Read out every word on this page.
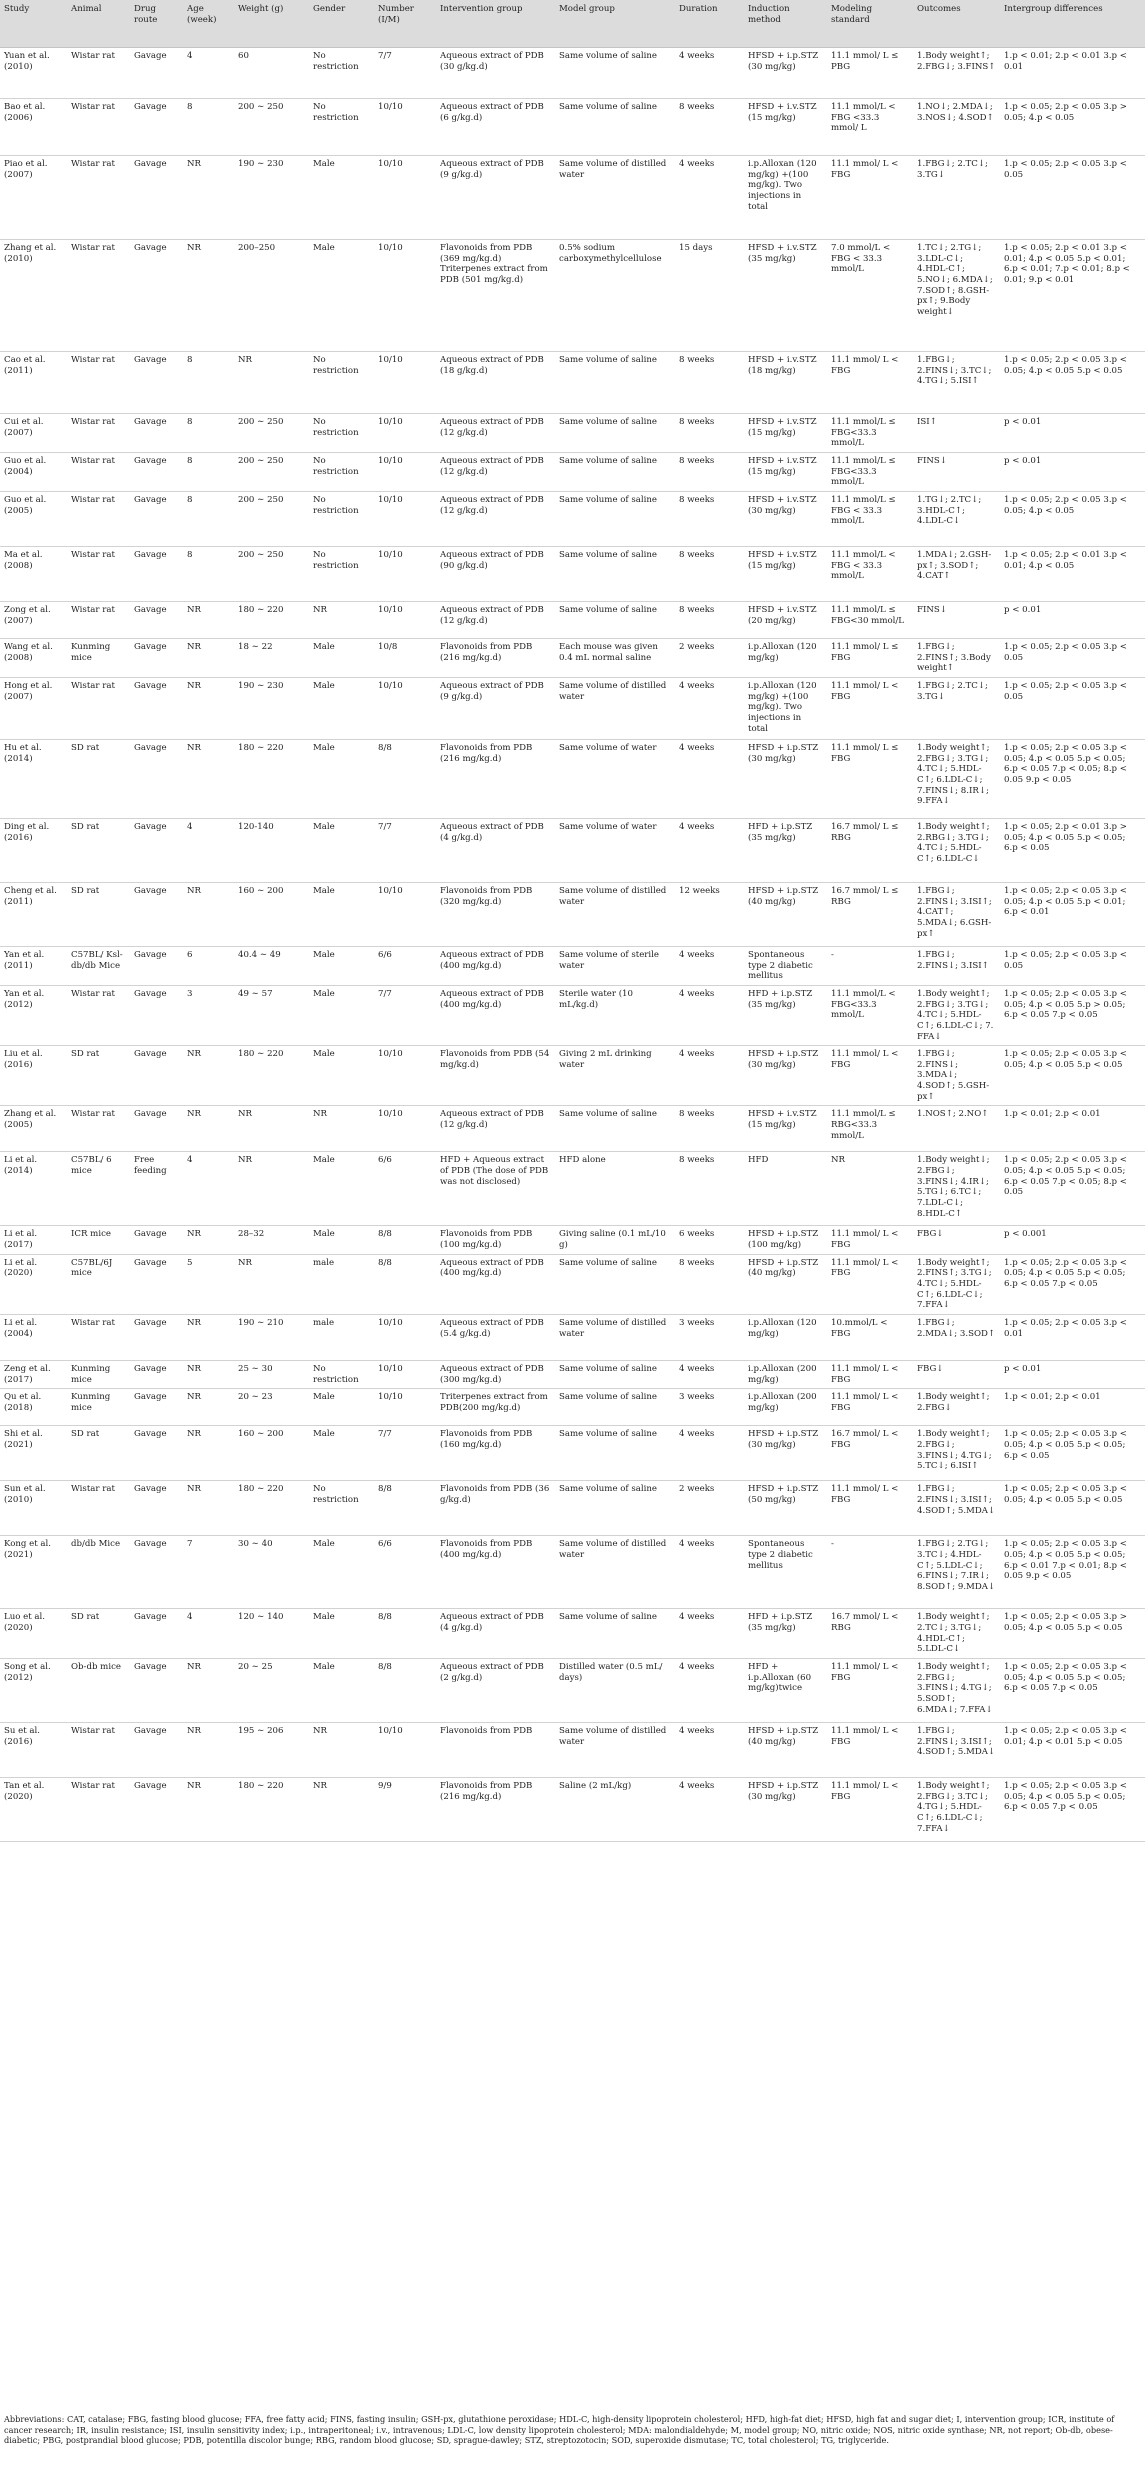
Study	Animal	Drug route	Age (week)	Weight (g)	Gender	Number (I/M)	Intervention group	Model group	Duration	Induction method	Modeling standard	Outcomes	Intergroup differences
Yuan et al. (2010)	Wistar rat	Gavage	4	60	No restriction	7/7	Aqueous extract of PDB (30 g/kg.d)	Same volume of saline	4 weeks	HFSD + i.p.STZ (30 mg/kg)	11.1 mmol/ L ≤ PBG	1.Body weight↑; 2.FBG↓; 3.FINS↑	1.p < 0.01; 2.p < 0.01 3.p < 0.01
Bao et al. (2006)	Wistar rat	Gavage	8	200 ∼ 250	No restriction	10/10	Aqueous extract of PDB (6 g/kg.d)	Same volume of saline	8 weeks	HFSD + i.v.STZ (15 mg/kg)	11.1 mmol/L < FBG <33.3 mmol/ L	1.NO↓; 2.MDA↓; 3.NOS↓; 4.SOD↑	1.p < 0.05; 2.p < 0.05 3.p > 0.05; 4.p < 0.05
Piao et al. (2007)	Wistar rat	Gavage	NR	190 ∼ 230	Male	10/10	Aqueous extract of PDB (9 g/kg.d)	Same volume of distilled water	4 weeks	i.p.Alloxan (120 mg/kg) +(100 mg/kg). Two injections in total	11.1 mmol/ L < FBG	1.FBG↓; 2.TC↓; 3.TG↓	1.p < 0.05; 2.p < 0.05 3.p < 0.05
Zhang et al. (2010)	Wistar rat	Gavage	NR	200–250	Male	10/10	Flavonoids from PDB (369 mg/kg.d) Triterpenes extract from PDB (501 mg/kg.d)	0.5% sodium carboxymethylcellulose	15 days	HFSD + i.v.STZ (35 mg/kg)	7.0 mmol/L < FBG < 33.3 mmol/L	1.TC↓; 2.TG↓; 3.LDL-C↓; 4.HDL-C↑; 5.NO↓; 6.MDA↓; 7.SOD↑; 8.GSH-px↑; 9.Body weight↓	1.p < 0.05; 2.p < 0.01 3.p < 0.01; 4.p < 0.05 5.p < 0.01; 6.p < 0.01; 7.p < 0.01; 8.p < 0.01; 9.p < 0.01
Cao et al. (2011)	Wistar rat	Gavage	8	NR	No restriction	10/10	Aqueous extract of PDB (18 g/kg.d)	Same volume of saline	8 weeks	HFSD + i.v.STZ (18 mg/kg)	11.1 mmol/ L < FBG	1.FBG↓; 2.FINS↓; 3.TC↓; 4.TG↓; 5.ISI↑	1.p < 0.05; 2.p < 0.05 3.p < 0.05; 4.p < 0.05 5.p < 0.05
Cui et al. (2007)	Wistar rat	Gavage	8	200 ∼ 250	No restriction	10/10	Aqueous extract of PDB (12 g/kg.d)	Same volume of saline	8 weeks	HFSD + i.v.STZ (15 mg/kg)	11.1 mmol/L ≤ FBG<33.3 mmol/L	ISI↑	p < 0.01
Guo et al. (2004)	Wistar rat	Gavage	8	200 ∼ 250	No restriction	10/10	Aqueous extract of PDB (12 g/kg.d)	Same volume of saline	8 weeks	HFSD + i.v.STZ (15 mg/kg)	11.1 mmol/L ≤ FBG<33.3 mmol/L	FINS↓	p < 0.01
Guo et al. (2005)	Wistar rat	Gavage	8	200 ∼ 250	No restriction	10/10	Aqueous extract of PDB (12 g/kg.d)	Same volume of saline	8 weeks	HFSD + i.v.STZ (30 mg/kg)	11.1 mmol/L ≤ FBG < 33.3 mmol/L	1.TG↓; 2.TC↓; 3.HDL-C↑; 4.LDL-C↓	1.p < 0.05; 2.p < 0.05 3.p < 0.05; 4.p < 0.05
Ma et al. (2008)	Wistar rat	Gavage	8	200 ∼ 250	No restriction	10/10	Aqueous extract of PDB (90 g/kg.d)	Same volume of saline	8 weeks	HFSD + i.v.STZ (15 mg/kg)	11.1 mmol/L < FBG < 33.3 mmol/L	1.MDA↓; 2.GSH-px↑; 3.SOD↑; 4.CAT↑	1.p < 0.05; 2.p < 0.01 3.p < 0.01; 4.p < 0.05
Zong et al. (2007)	Wistar rat	Gavage	NR	180 ∼ 220	NR	10/10	Aqueous extract of PDB (12 g/kg.d)	Same volume of saline	8 weeks	HFSD + i.v.STZ (20 mg/kg)	11.1 mmol/L ≤ FBG<30 mmol/L	FINS↓	p < 0.01
Wang et al. (2008)	Kunming mice	Gavage	NR	18 ∼ 22	Male	10/8	Flavonoids from PDB (216 mg/kg.d)	Each mouse was given 0.4 mL normal saline	2 weeks	i.p.Alloxan (120 mg/kg)	11.1 mmol/ L ≤ FBG	1.FBG↓; 2.FINS↑; 3.Body weight↑	1.p < 0.05; 2.p < 0.05 3.p < 0.05
Hong et al. (2007)	Wistar rat	Gavage	NR	190 ∼ 230	Male	10/10	Aqueous extract of PDB (9 g/kg.d)	Same volume of distilled water	4 weeks	i.p.Alloxan (120 mg/kg) +(100 mg/kg). Two injections in total	11.1 mmol/ L < FBG	1.FBG↓; 2.TC↓; 3.TG↓	1.p < 0.05; 2.p < 0.05 3.p < 0.05
Hu et al. (2014)	SD rat	Gavage	NR	180 ∼ 220	Male	8/8	Flavonoids from PDB (216 mg/kg.d)	Same volume of water	4 weeks	HFSD + i.p.STZ (30 mg/kg)	11.1 mmol/ L ≤ FBG	1.Body weight↑; 2.FBG↓; 3.TG↓; 4.TC↓; 5.HDL-C↑; 6.LDL-C↓; 7.FINS↓; 8.IR↓; 9.FFA↓	1.p < 0.05; 2.p < 0.05 3.p < 0.05; 4.p < 0.05 5.p < 0.05; 6.p < 0.05 7.p < 0.05; 8.p < 0.05 9.p < 0.05
Ding et al. (2016)	SD rat	Gavage	4	120-140	Male	7/7	Aqueous extract of PDB (4 g/kg.d)	Same volume of water	4 weeks	HFD + i.p.STZ (35 mg/kg)	16.7 mmol/ L ≤ RBG	1.Body weight↑; 2.RBG↓; 3.TG↓; 4.TC↓; 5.HDL-C↑; 6.LDL-C↓	1.p < 0.05; 2.p < 0.01 3.p > 0.05; 4.p < 0.05 5.p < 0.05; 6.p < 0.05
Cheng et al. (2011)	SD rat	Gavage	NR	160 ∼ 200	Male	10/10	Flavonoids from PDB (320 mg/kg.d)	Same volume of distilled water	12 weeks	HFSD + i.p.STZ (40 mg/kg)	16.7 mmol/ L ≤ RBG	1.FBG↓; 2.FINS↓; 3.ISI↑; 4.CAT↑; 5.MDA↓; 6.GSH-px↑	1.p < 0.05; 2.p < 0.05 3.p < 0.05; 4.p < 0.05 5.p < 0.01; 6.p < 0.01
Yan et al. (2011)	C57BL/ Ksl-db/db Mice	Gavage	6	40.4 ∼ 49	Male	6/6	Aqueous extract of PDB (400 mg/kg.d)	Same volume of sterile water	4 weeks	Spontaneous type 2 diabetic mellitus	-	1.FBG↓; 2.FINS↓; 3.ISI↑	1.p < 0.05; 2.p < 0.05 3.p < 0.05
Yan et al. (2012)	Wistar rat	Gavage	3	49 ∼ 57	Male	7/7	Aqueous extract of PDB (400 mg/kg.d)	Sterile water (10 mL/kg.d)	4 weeks	HFD + i.p.STZ (35 mg/kg)	11.1 mmol/L < FBG<33.3 mmol/L	1.Body weight↑; 2.FBG↓; 3.TG↓; 4.TC↓; 5.HDL-C↑; 6.LDL-C↓; 7. FFA↓	1.p < 0.05; 2.p < 0.05 3.p < 0.05; 4.p < 0.05 5.p > 0.05; 6.p < 0.05 7.p < 0.05
Liu et al. (2016)	SD rat	Gavage	NR	180 ∼ 220	Male	10/10	Flavonoids from PDB (54 mg/kg.d)	Giving 2 mL drinking water	4 weeks	HFSD + i.p.STZ (30 mg/kg)	11.1 mmol/ L < FBG	1.FBG↓; 2.FINS↓; 3.MDA↓; 4.SOD↑; 5.GSH-px↑	1.p < 0.05; 2.p < 0.05 3.p < 0.05; 4.p < 0.05 5.p < 0.05
Zhang et al. (2005)	Wistar rat	Gavage	NR	NR	NR	10/10	Aqueous extract of PDB (12 g/kg.d)	Same volume of saline	8 weeks	HFSD + i.v.STZ (15 mg/kg)	11.1 mmol/L ≤ RBG<33.3 mmol/L	1.NOS↑; 2.NO↑	1.p < 0.01; 2.p < 0.01
Li et al. (2014)	C57BL/ 6 mice	Free feeding	4	NR	Male	6/6	HFD + Aqueous extract of PDB (The dose of PDB was not disclosed)	HFD alone	8 weeks	HFD	NR	1.Body weight↓; 2.FBG↓; 3.FINS↓; 4.IR↓; 5.TG↓; 6.TC↓; 7.LDL-C↓; 8.HDL-C↑	1.p < 0.05; 2.p < 0.05 3.p < 0.05; 4.p < 0.05 5.p < 0.05; 6.p < 0.05 7.p < 0.05; 8.p < 0.05
Li et al. (2017)	ICR mice	Gavage	NR	28–32	Male	8/8	Flavonoids from PDB (100 mg/kg.d)	Giving saline (0.1 mL/10 g)	6 weeks	HFSD + i.p.STZ (100 mg/kg)	11.1 mmol/ L < FBG	FBG↓	p < 0.001
Li et al. (2020)	C57BL/6J mice	Gavage	5	NR	male	8/8	Aqueous extract of PDB (400 mg/kg.d)	Same volume of saline	8 weeks	HFSD + i.p.STZ (40 mg/kg)	11.1 mmol/ L < FBG	1.Body weight↑; 2.FINS↑; 3.TG↓; 4.TC↓; 5.HDL-C↑; 6.LDL-C↓; 7.FFA↓	1.p < 0.05; 2.p < 0.05 3.p < 0.05; 4.p < 0.05 5.p < 0.05; 6.p < 0.05 7.p < 0.05
Li et al. (2004)	Wistar rat	Gavage	NR	190 ∼ 210	male	10/10	Aqueous extract of PDB (5.4 g/kg.d)	Same volume of distilled water	3 weeks	i.p.Alloxan (120 mg/kg)	10.mmol/L < FBG	1.FBG↓; 2.MDA↓; 3.SOD↑	1.p < 0.05; 2.p < 0.05 3.p < 0.01
Zeng et al. (2017)	Kunming mice	Gavage	NR	25 ∼ 30	No restriction	10/10	Aqueous extract of PDB (300 mg/kg.d)	Same volume of saline	4 weeks	i.p.Alloxan (200 mg/kg)	11.1 mmol/ L < FBG	FBG↓	p < 0.01
Qu et al. (2018)	Kunming mice	Gavage	NR	20 ∼ 23	Male	10/10	Triterpenes extract from PDB(200 mg/kg.d)	Same volume of saline	3 weeks	i.p.Alloxan (200 mg/kg)	11.1 mmol/ L < FBG	1.Body weight↑; 2.FBG↓	1.p < 0.01; 2.p < 0.01
Shi et al. (2021)	SD rat	Gavage	NR	160 ∼ 200	Male	7/7	Flavonoids from PDB (160 mg/kg.d)	Same volume of saline	4 weeks	HFSD + i.p.STZ (30 mg/kg)	16.7 mmol/ L < FBG	1.Body weight↑; 2.FBG↓; 3.FINS↓; 4.TG↓; 5.TC↓; 6.ISI↑	1.p < 0.05; 2.p < 0.05 3.p < 0.05; 4.p < 0.05 5.p < 0.05; 6.p < 0.05
Sun et al. (2010)	Wistar rat	Gavage	NR	180 ∼ 220	No restriction	8/8	Flavonoids from PDB (36 g/kg.d)	Same volume of saline	2 weeks	HFSD + i.p.STZ (50 mg/kg)	11.1 mmol/ L < FBG	1.FBG↓; 2.FINS↓; 3.ISI↑; 4.SOD↑; 5.MDA↓	1.p < 0.05; 2.p < 0.05 3.p < 0.05; 4.p < 0.05 5.p < 0.05
Kong et al. (2021)	db/db Mice	Gavage	7	30 ∼ 40	Male	6/6	Flavonoids from PDB (400 mg/kg.d)	Same volume of distilled water	4 weeks	Spontaneous type 2 diabetic mellitus	-	1.FBG↓; 2.TG↓; 3.TC↓; 4.HDL-C↑; 5.LDL-C↓; 6.FINS↓; 7.IR↓; 8.SOD↑; 9.MDA↓	1.p < 0.05; 2.p < 0.05 3.p < 0.05; 4.p < 0.05 5.p < 0.05; 6.p < 0.01 7.p < 0.01; 8.p < 0.05 9.p < 0.05
Luo et al. (2020)	SD rat	Gavage	4	120 ∼ 140	Male	8/8	Aqueous extract of PDB (4 g/kg.d)	Same volume of saline	4 weeks	HFD + i.p.STZ (35 mg/kg)	16.7 mmol/ L < RBG	1.Body weight↑; 2.TC↓; 3.TG↓; 4.HDL-C↑; 5.LDL-C↓	1.p < 0.05; 2.p < 0.05 3.p > 0.05; 4.p < 0.05 5.p < 0.05
Song et al. (2012)	Ob-db mice	Gavage	NR	20 ∼ 25	Male	8/8	Aqueous extract of PDB (2 g/kg.d)	Distilled water (0.5 mL/ days)	4 weeks	HFD + i.p.Alloxan (60 mg/kg)twice	11.1 mmol/ L < FBG	1.Body weight↑; 2.FBG↓; 3.FINS↓; 4.TG↓; 5.SOD↑; 6.MDA↓; 7.FFA↓	1.p < 0.05; 2.p < 0.05 3.p < 0.05; 4.p < 0.05 5.p < 0.05; 6.p < 0.05 7.p < 0.05
Su et al. (2016)	Wistar rat	Gavage	NR	195 ∼ 206	NR	10/10	Flavonoids from PDB	Same volume of distilled water	4 weeks	HFSD + i.p.STZ (40 mg/kg)	11.1 mmol/ L < FBG	1.FBG↓; 2.FINS↓; 3.ISI↑; 4.SOD↑; 5.MDA↓	1.p < 0.05; 2.p < 0.05 3.p < 0.01; 4.p < 0.01 5.p < 0.05
Tan et al. (2020)	Wistar rat	Gavage	NR	180 ∼ 220	NR	9/9	Flavonoids from PDB (216 mg/kg.d)	Saline (2 mL/kg)	4 weeks	HFSD + i.p.STZ (30 mg/kg)	11.1 mmol/ L < FBG	1.Body weight↑; 2.FBG↓; 3.TC↓; 4.TG↓; 5.HDL-C↑; 6.LDL-C↓; 7.FFA↓	1.p < 0.05; 2.p < 0.05 3.p < 0.05; 4.p < 0.05 5.p < 0.05; 6.p < 0.05 7.p < 0.05
Abbreviations: CAT, catalase; FBG, fasting blood glucose; FFA, free fatty acid; FINS, fasting insulin; GSH-px, glutathione peroxidase; HDL-C, high-density lipoprotein cholesterol; HFD, high-fat diet; HFSD, high fat and sugar diet; I, intervention group; ICR, institute of cancer research; IR, insulin resistance; ISI, insulin sensitivity index; i.p., intraperitoneal; i.v., intravenous; LDL-C, low density lipoprotein cholesterol; MDA: malondialdehyde; M, model group; NO, nitric oxide; NOS, nitric oxide synthase; NR, not report; Ob-db, obese-diabetic; PBG, postprandial blood glucose; PDB, potentilla discolor bunge; RBG, random blood glucose; SD, sprague-dawley; STZ, streptozotocin; SOD, superoxide dismutase; TC, total cholesterol; TG, triglyceride.
